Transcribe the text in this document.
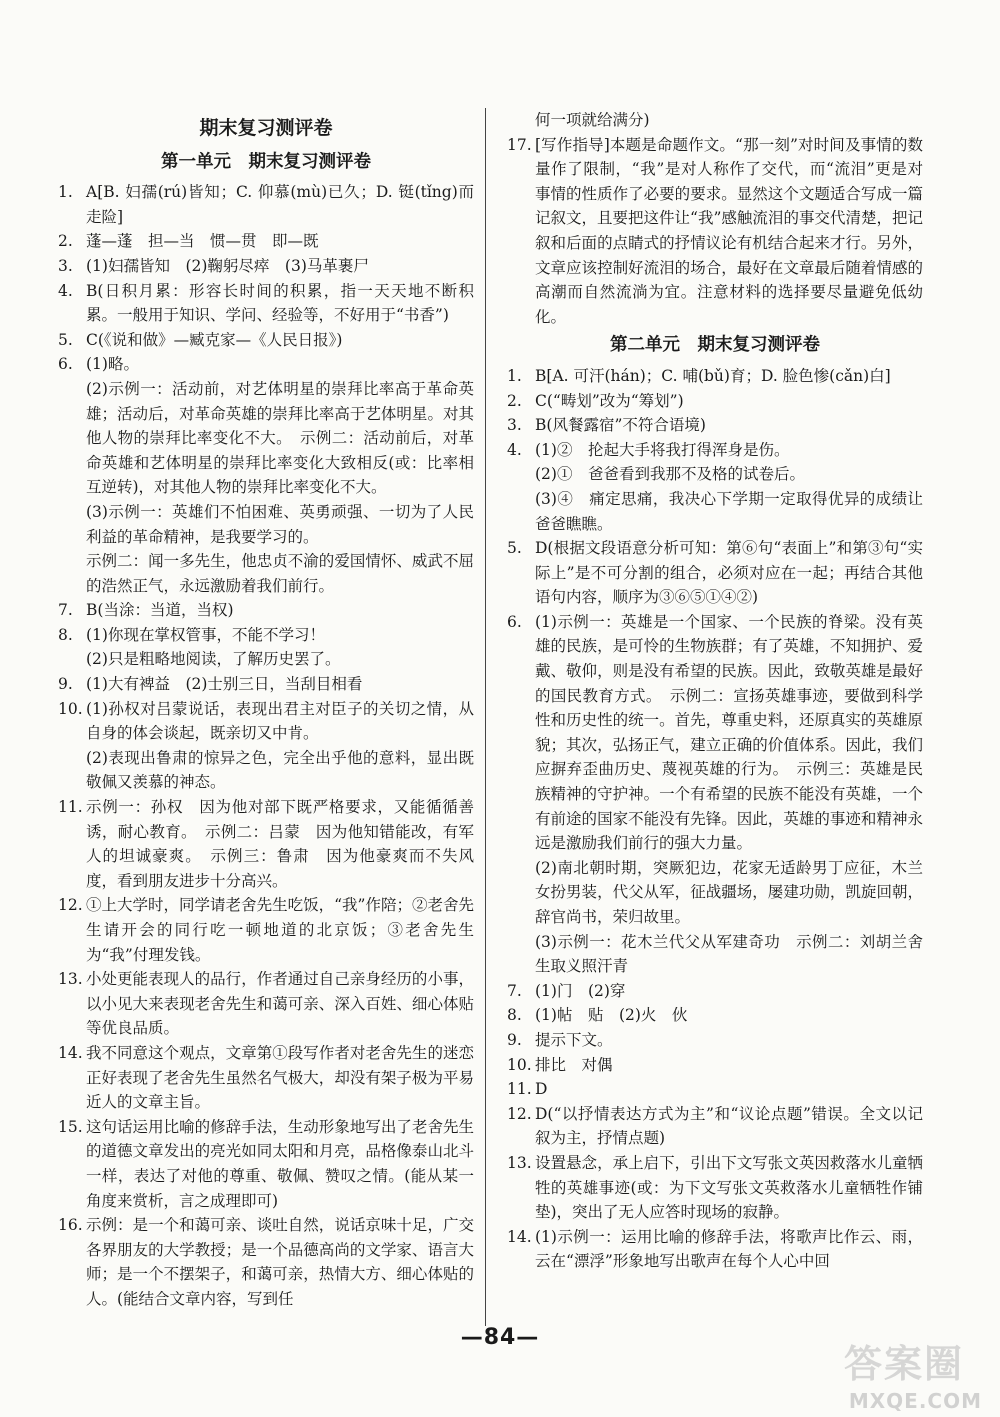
期末复习测评卷
第一单元　期末复习测评卷
1. A[B. 妇孺(rú)皆知；C. 仰慕(mù)已久；D. 铤(tǐng)而走险]
2. 蓬—蓬　担—当　惯—贯　即—既
3. (1)妇孺皆知　(2)鞠躬尽瘁　(3)马革裹尸
4. B(日积月累：形容长时间的积累，指一天天地不断积累。一般用于知识、学问、经验等，不好用于“书香”)
5. C(《说和做》—臧克家—《人民日报》)
6. (1)略。
(2)示例一：活动前，对艺体明星的崇拜比率高于革命英雄；活动后，对革命英雄的崇拜比率高于艺体明星。对其他人物的崇拜比率变化不大。　示例二：活动前后，对革命英雄和艺体明星的崇拜比率变化大致相反(或：比率相互逆转)，对其他人物的崇拜比率变化不大。
(3)示例一：英雄们不怕困难、英勇顽强、一切为了人民利益的革命精神，是我要学习的。
示例二：闻一多先生，他忠贞不渝的爱国情怀、威武不屈的浩然正气，永远激励着我们前行。
7. B(当涂：当道，当权)
8. (1)你现在掌权管事，不能不学习！
(2)只是粗略地阅读，了解历史罢了。
9. (1)大有裨益　(2)士别三日，当刮目相看
10. (1)孙权对吕蒙说话，表现出君主对臣子的关切之情，从自身的体会谈起，既亲切又中肯。
(2)表现出鲁肃的惊异之色，完全出乎他的意料，显出既敬佩又羡慕的神态。
11. 示例一：孙权　因为他对部下既严格要求，又能循循善诱，耐心教育。　示例二：吕蒙　因为他知错能改，有军人的坦诚豪爽。　示例三：鲁肃　因为他豪爽而不失风度，看到朋友进步十分高兴。
12. ①上大学时，同学请老舍先生吃饭，“我”作陪；②老舍先生请开会的同行吃一顿地道的北京饭；③老舍先生为“我”付理发钱。
13. 小处更能表现人的品行，作者通过自己亲身经历的小事，以小见大来表现老舍先生和蔼可亲、深入百姓、细心体贴等优良品质。
14. 我不同意这个观点，文章第①段写作者对老舍先生的迷恋正好表现了老舍先生虽然名气极大，却没有架子极为平易近人的文章主旨。
15. 这句话运用比喻的修辞手法，生动形象地写出了老舍先生的道德文章发出的亮光如同太阳和月亮，品格像泰山北斗一样，表达了对他的尊重、敬佩、赞叹之情。(能从某一角度来赏析，言之成理即可)
16. 示例：是一个和蔼可亲、谈吐自然，说话京味十足，广交各界朋友的大学教授；是一个品德高尚的文学家、语言大师；是一个不摆架子，和蔼可亲，热情大方、细心体贴的人。(能结合文章内容，写到任
何一项就给满分)
17. [写作指导]本题是命题作文。“那一刻”对时间及事情的数量作了限制，“我”是对人称作了交代，而“流泪”更是对事情的性质作了必要的要求。显然这个文题适合写成一篇记叙文，且要把这件让“我”感触流泪的事交代清楚，把记叙和后面的点睛式的抒情议论有机结合起来才行。另外，文章应该控制好流泪的场合，最好在文章最后随着情感的高潮而自然流淌为宜。注意材料的选择要尽量避免低幼化。
第二单元　期末复习测评卷
1. B[A. 可汗(hán)；C. 哺(bǔ)育；D. 脸色惨(cǎn)白]
2. C(“畴划”改为“筹划”)
3. B(风餐露宿”不符合语境)
4. (1)②　抡起大手将我打得浑身是伤。
(2)①　爸爸看到我那不及格的试卷后。
(3)④　痛定思痛，我决心下学期一定取得优异的成绩让爸爸瞧瞧。
5. D(根据文段语意分析可知：第⑥句“表面上”和第③句“实际上”是不可分割的组合，必须对应在一起；再结合其他语句内容，顺序为③⑥⑤①④②)
6. (1)示例一：英雄是一个国家、一个民族的脊梁。没有英雄的民族，是可怜的生物族群；有了英雄，不知拥护、爱戴、敬仰，则是没有希望的民族。因此，致敬英雄是最好的国民教育方式。　示例二：宣扬英雄事迹，要做到科学性和历史性的统一。首先，尊重史料，还原真实的英雄原貌；其次，弘扬正气，建立正确的价值体系。因此，我们应摒弃歪曲历史、蔑视英雄的行为。　示例三：英雄是民族精神的守护神。一个有希望的民族不能没有英雄，一个有前途的国家不能没有先锋。因此，英雄的事迹和精神永远是激励我们前行的强大力量。
(2)南北朝时期，突厥犯边，花家无适龄男丁应征，木兰女扮男装，代父从军，征战疆场，屡建功勋，凯旋回朝，辞官尚书，荣归故里。
(3)示例一：花木兰代父从军建奇功　示例二：刘胡兰舍生取义照汗青
7. (1)门　(2)穿
8. (1)帖　贴　(2)火　伙
9. 提示下文。
10. 排比　对偶
11. D
12. D(“以抒情表达方式为主”和“议论点题”错误。全文以记叙为主，抒情点题)
13. 设置悬念，承上启下，引出下文写张文英因救落水儿童牺牲的英雄事迹(或：为下文写张文英救落水儿童牺牲作铺垫)，突出了无人应答时现场的寂静。
14. (1)示例一：运用比喻的修辞手法，将歌声比作云、雨，云在“漂浮”形象地写出歌声在每个人心中回
—84—
答案圈
MXQE.COM
